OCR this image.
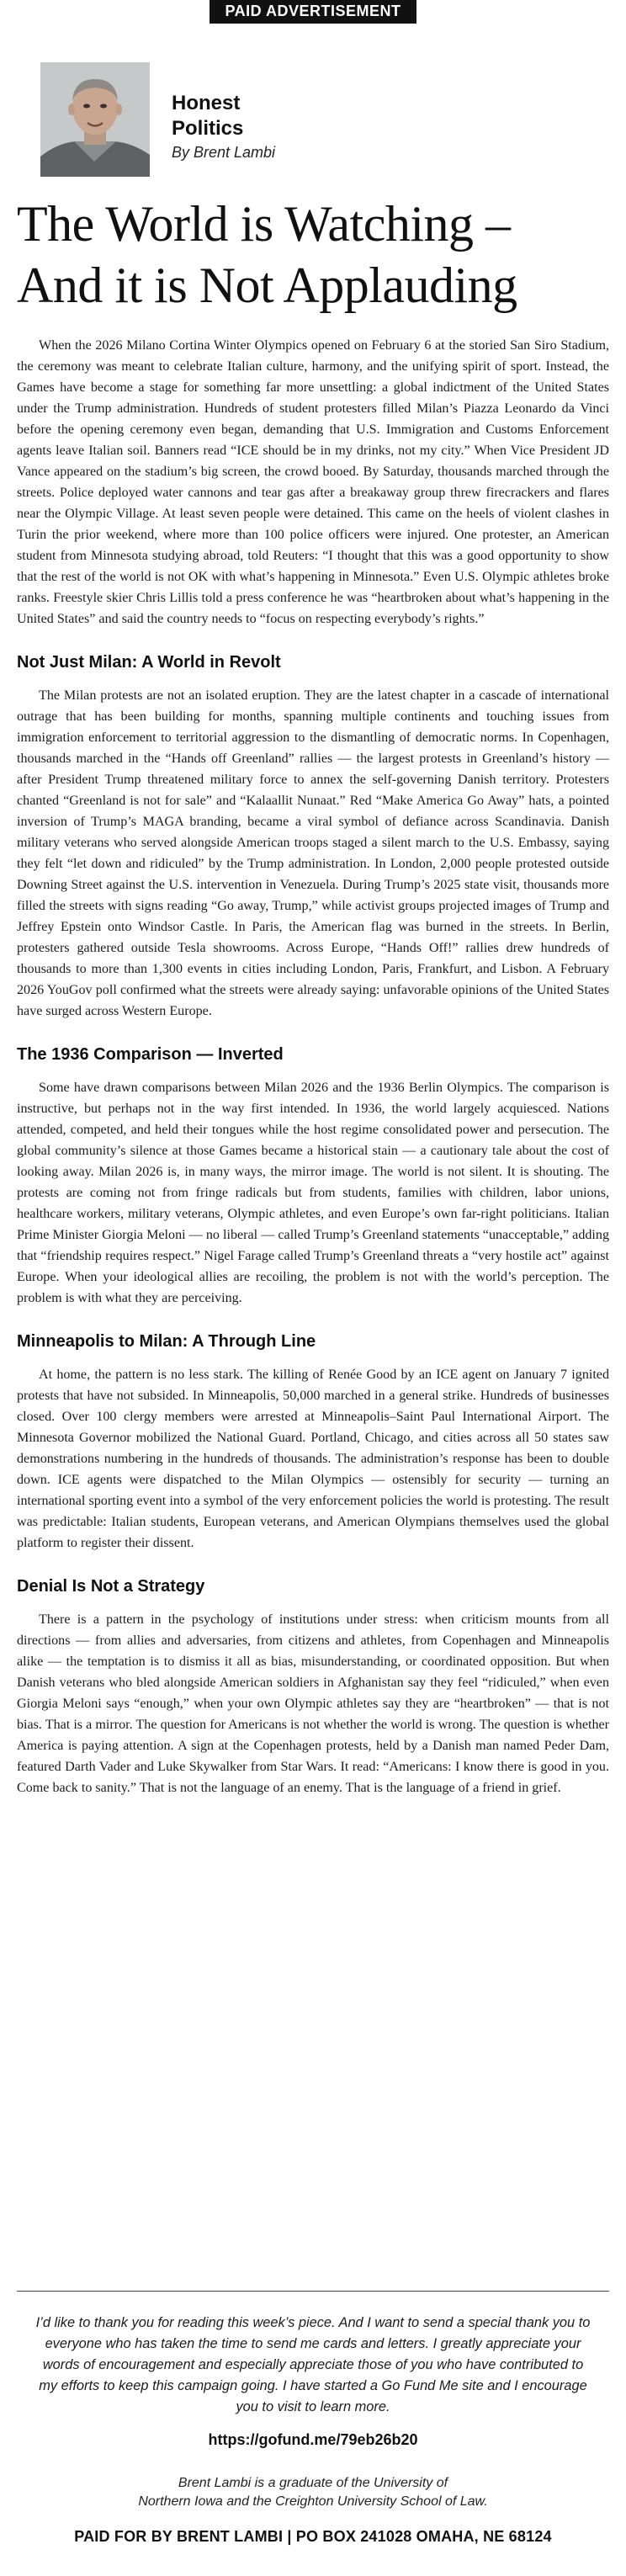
PAID ADVERTISEMENT
Honest
Politics
By Brent Lambi
The World is Watching –
And it is Not Applauding

When the 2026 Milano Cortina Winter Olympics opened on February 6 at the storied San Siro Stadium, the ceremony was meant to celebrate Italian culture, harmony, and the unifying spirit of sport. Instead, the Games have become a stage for something far more unsettling: a global indictment of the United States under the Trump administration. Hundreds of student protesters filled Milan’s Piazza Leonardo da Vinci before the opening ceremony even began, demanding that U.S. Immigration and Customs Enforcement agents leave Italian soil. Banners read “ICE should be in my drinks, not my city.” When Vice President JD Vance appeared on the stadium’s big screen, the crowd booed. By Saturday, thousands marched through the streets. Police deployed water cannons and tear gas after a breakaway group threw firecrackers and flares near the Olympic Village. At least seven people were detained. This came on the heels of violent clashes in Turin the prior weekend, where more than 100 police officers were injured. One protester, an American student from Minnesota studying abroad, told Reuters: “I thought that this was a good opportunity to show that the rest of the world is not OK with what’s happening in Minnesota.” Even U.S. Olympic athletes broke ranks. Freestyle skier Chris Lillis told a press conference he was “heartbroken about what’s happening in the United States” and said the country needs to “focus on respecting everybody’s rights.”

Not Just Milan: A World in Revolt

The Milan protests are not an isolated eruption. They are the latest chapter in a cascade of international outrage that has been building for months, spanning multiple continents and touching issues from immigration enforcement to territorial aggression to the dismantling of democratic norms. In Copenhagen, thousands marched in the “Hands off Greenland” rallies — the largest protests in Greenland’s history — after President Trump threatened military force to annex the self-governing Danish territory. Protesters chanted “Greenland is not for sale” and “Kalaallit Nunaat.” Red “Make America Go Away” hats, a pointed inversion of Trump’s MAGA branding, became a viral symbol of defiance across Scandinavia. Danish military veterans who served alongside American troops staged a silent march to the U.S. Embassy, saying they felt “let down and ridiculed” by the Trump administration. In London, 2,000 people protested outside Downing Street against the U.S. intervention in Venezuela. During Trump’s 2025 state visit, thousands more filled the streets with signs reading “Go away, Trump,” while activist groups projected images of Trump and Jeffrey Epstein onto Windsor Castle. In Paris, the American flag was burned in the streets. In Berlin, protesters gathered outside Tesla showrooms. Across Europe, “Hands Off!” rallies drew hundreds of thousands to more than 1,300 events in cities including London, Paris, Frankfurt, and Lisbon. A February 2026 YouGov poll confirmed what the streets were already saying: unfavorable opinions of the United States have surged across Western Europe.

The 1936 Comparison — Inverted

Some have drawn comparisons between Milan 2026 and the 1936 Berlin Olympics. The comparison is instructive, but perhaps not in the way first intended. In 1936, the world largely acquiesced. Nations attended, competed, and held their tongues while the host regime consolidated power and persecution. The global community’s silence at those Games became a historical stain — a cautionary tale about the cost of looking away. Milan 2026 is, in many ways, the mirror image. The world is not silent. It is shouting. The protests are coming not from fringe radicals but from students, families with children, labor unions, healthcare workers, military veterans, Olympic athletes, and even Europe’s own far-right politicians. Italian Prime Minister Giorgia Meloni — no liberal — called Trump’s Greenland statements “unacceptable,” adding that “friendship requires respect.” Nigel Farage called Trump’s Greenland threats a “very hostile act” against Europe. When your ideological allies are recoiling, the problem is not with the world’s perception. The problem is with what they are perceiving.

Minneapolis to Milan: A Through Line

At home, the pattern is no less stark. The killing of Renée Good by an ICE agent on January 7 ignited protests that have not subsided. In Minneapolis, 50,000 marched in a general strike. Hundreds of businesses closed. Over 100 clergy members were arrested at Minneapolis–Saint Paul International Airport. The Minnesota Governor mobilized the National Guard. Portland, Chicago, and cities across all 50 states saw demonstrations numbering in the hundreds of thousands. The administration’s response has been to double down. ICE agents were dispatched to the Milan Olympics — ostensibly for security — turning an international sporting event into a symbol of the very enforcement policies the world is protesting. The result was predictable: Italian students, European veterans, and American Olympians themselves used the global platform to register their dissent.

Denial Is Not a Strategy

There is a pattern in the psychology of institutions under stress: when criticism mounts from all directions — from allies and adversaries, from citizens and athletes, from Copenhagen and Minneapolis alike — the temptation is to dismiss it all as bias, misunderstanding, or coordinated opposition. But when Danish veterans who bled alongside American soldiers in Afghanistan say they feel “ridiculed,” when even Giorgia Meloni says “enough,” when your own Olympic athletes say they are “heartbroken” — that is not bias. That is a mirror. The question for Americans is not whether the world is wrong. The question is whether America is paying attention. A sign at the Copenhagen protests, held by a Danish man named Peder Dam, featured Darth Vader and Luke Skywalker from Star Wars. It read: “Americans: I know there is good in you. Come back to sanity.” That is not the language of an enemy. That is the language of a friend in grief.

I’d like to thank you for reading this week’s piece. And I want to send a special thank you to everyone who has taken the time to send me cards and letters. I greatly appreciate your words of encouragement and especially appreciate those of you who have contributed to my efforts to keep this campaign going. I have started a Go Fund Me site and I encourage you to visit to learn more.

https://gofund.me/79eb26b20

Brent Lambi is a graduate of the University of
Northern Iowa and the Creighton University School of Law.

PAID FOR BY BRENT LAMBI | PO BOX 241028 OMAHA, NE 68124
